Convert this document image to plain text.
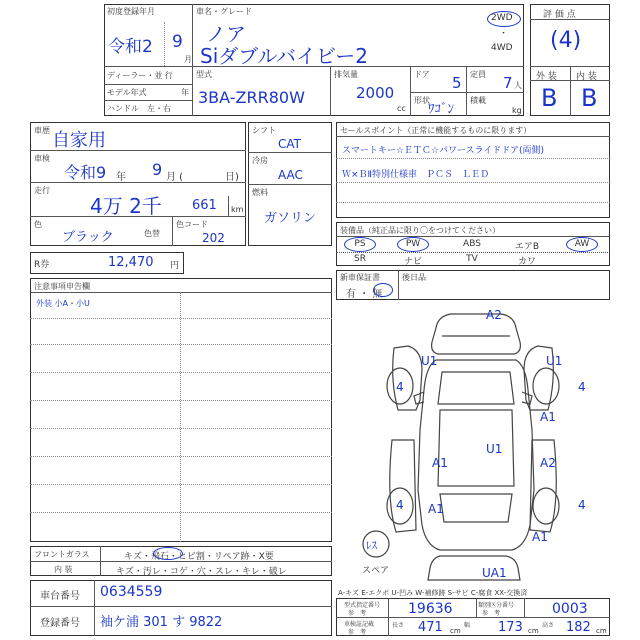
初度登録年月
令和2 9
月
車名・グレード
ノア
Siダブルバイビー2
2WD
・
4WD
ディーラー・並 行
モデル年式	年
ハンドル　左・右
型式
3BA-ZRR80W
排気量
2000
cc
ドア 5 定員 7 人
形状
ﾜｺﾞﾝ
積載
kg
評 価 点
(4)
外 装 内 装
B B
車歴 自家用
車検
令和9 年 9 月 (	日)
走行
4万 2千 661 km
色
ブラック	色替
色コード
202
シフト
CAT
冷房
AAC
燃料
ガソリン
R券	12,470 円
セールスポイント（正常に機能するものに限ります）
スマートキー☆ＥＴＣ☆パワースライドドア(両側)
Ｗ×ＢⅡ特別仕様車　ＰＣＳ　ＬＥＤ
装備品（純正品に限り〇をつけてください）
PS	PW	ABS	エアB	AW
SR	ナビ	TV	カワ
新車保証書
有 ・ 無
後日品
注意事項申告欄
外装 小A・小U
A2
U1	U1
4	4
A1
U1
A1	A2
4 A1	4
A1
UA1
ﾚｽ
スペア
フロントガラス	キズ・飛石・ヒビ割・リペア跡・X要
内 装	キズ・汚レ・コゲ・穴・スレ・キレ・破レ
車台番号 0634559
登録番号 袖ケ浦 301 す 9822
A-キズ E-エクボ U-凹み W-補修跡 S-サビ C-腐食 XX-交換済
型式指定番号
参　考	19636	類別区分番号
参　考	0003
車検証記載
参　考
長さ 471 cm
幅 173 cm
高さ 182 cm
